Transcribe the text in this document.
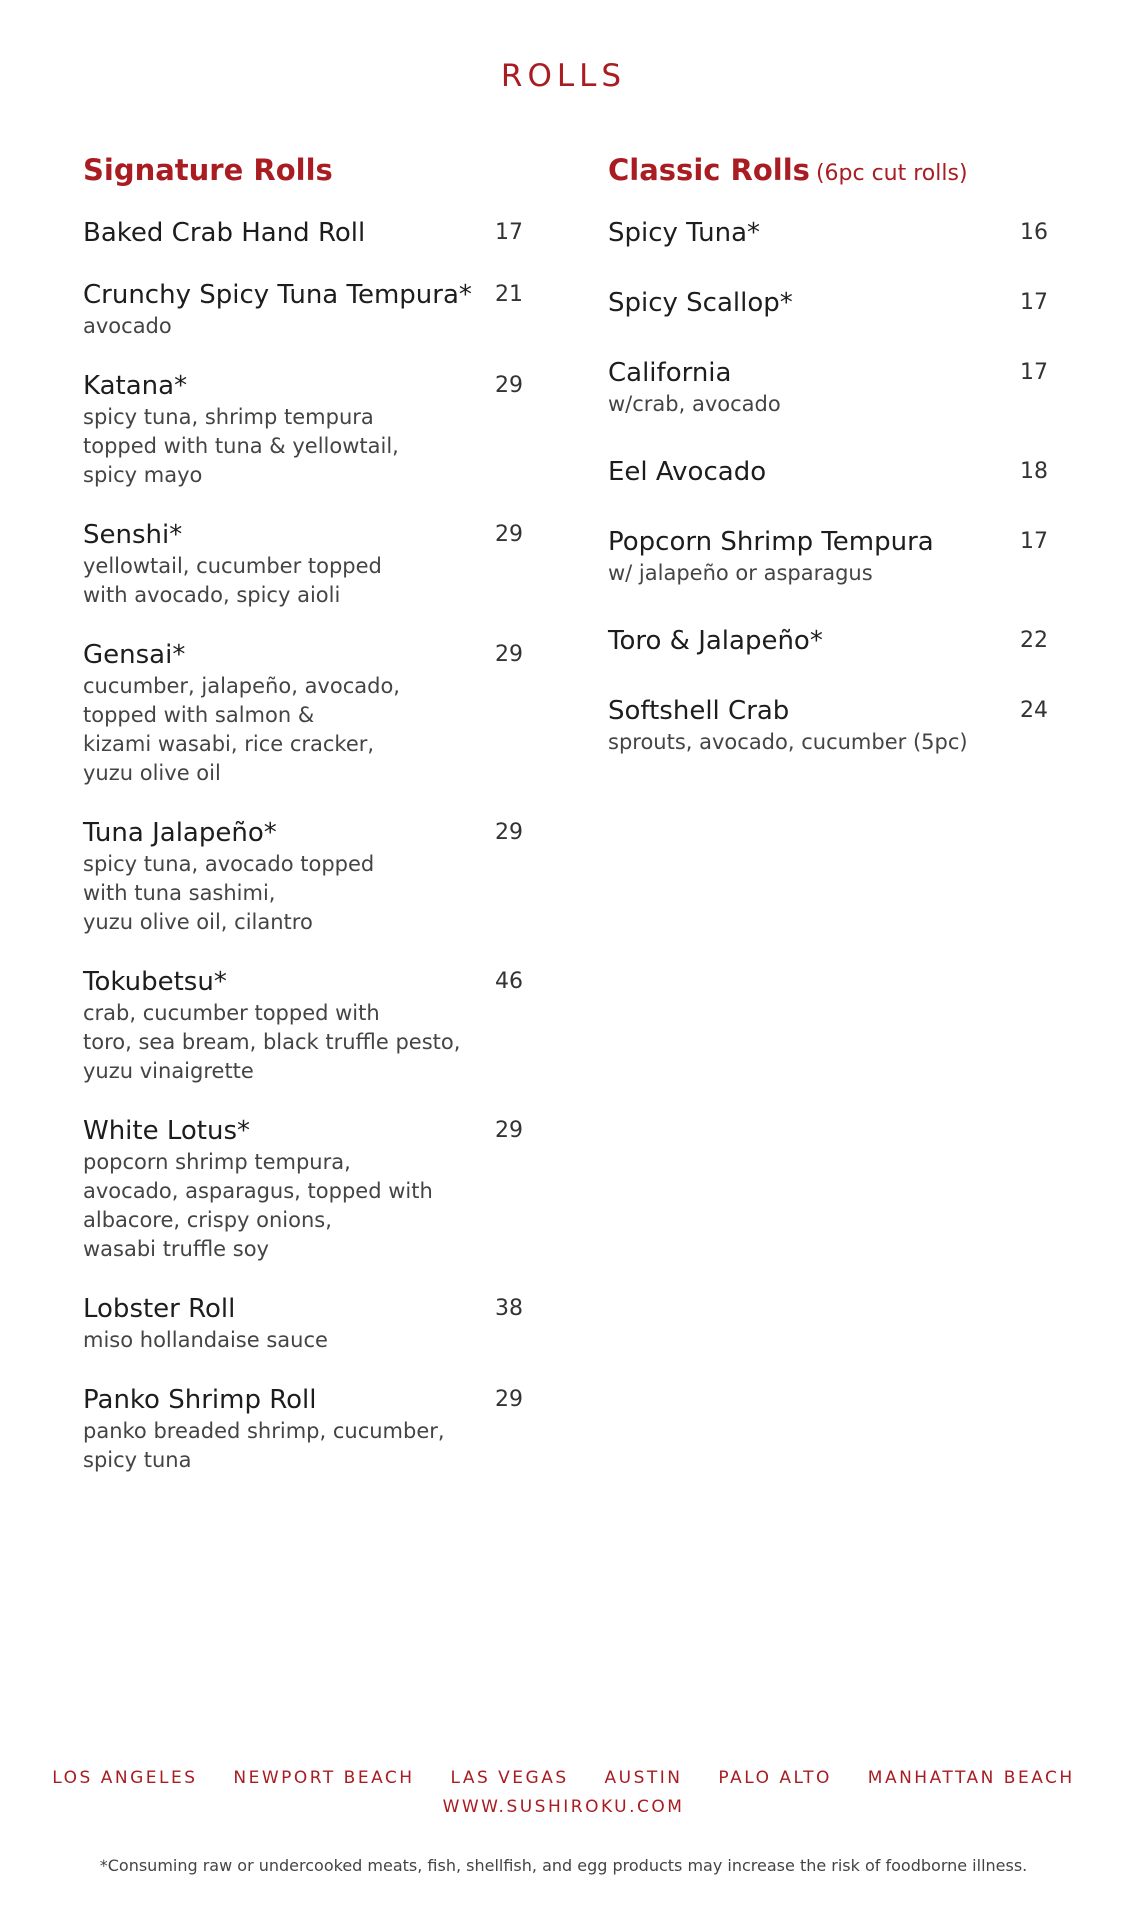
ROLLS
Signature Rolls
Baked Crab Hand Roll	17
Crunchy Spicy Tuna Tempura*	21
avocado
Katana*	29
spicy tuna, shrimp tempura
topped with tuna & yellowtail,
spicy mayo
Senshi*	29
yellowtail, cucumber topped
with avocado, spicy aioli
Gensai*	29
cucumber, jalapeño, avocado,
topped with salmon &
kizami wasabi, rice cracker,
yuzu olive oil
Tuna Jalapeño*	29
spicy tuna, avocado topped
with tuna sashimi,
yuzu olive oil, cilantro
Tokubetsu*	46
crab, cucumber topped with
toro, sea bream, black truffle pesto,
yuzu vinaigrette
White Lotus*	29
popcorn shrimp tempura,
avocado, asparagus, topped with
albacore, crispy onions,
wasabi truffle soy
Lobster Roll	38
miso hollandaise sauce
Panko Shrimp Roll	29
panko breaded shrimp, cucumber,
spicy tuna
Classic Rolls (6pc cut rolls)
Spicy Tuna*	16
Spicy Scallop*	17
California	17
w/crab, avocado
Eel Avocado	18
Popcorn Shrimp Tempura	17
w/ jalapeño or asparagus
Toro & Jalapeño*	22
Softshell Crab	24
sprouts, avocado, cucumber (5pc)
LOS ANGELES NEWPORT BEACH LAS VEGAS AUSTIN PALO ALTO MANHATTAN BEACH
WWW.SUSHIROKU.COM
*Consuming raw or undercooked meats, fish, shellfish, and egg products may increase the risk of foodborne illness.
